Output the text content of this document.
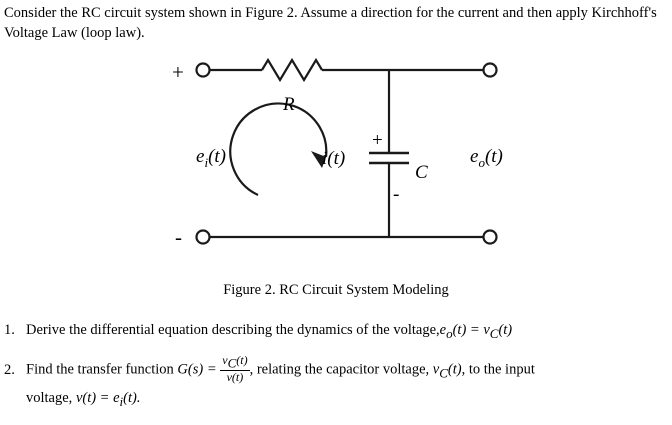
Consider the RC circuit system shown in Figure 2. Assume a direction for the current and then apply Kirchhoff's Voltage Law (loop law).
+
-
R
$e_i(t)$	$e_o(t)$
i(t)
C
+
-
Figure 2. RC Circuit System Modeling
1. Derive the differential equation describing the dynamics of the voltage,eo(t) = vC(t)
2. Find the transfer function $G(s) = \frac{vC(t)}{v(t)}$ , relating the capacitor voltage, vC(t), to the input
voltage, v(t) = ei(t).
